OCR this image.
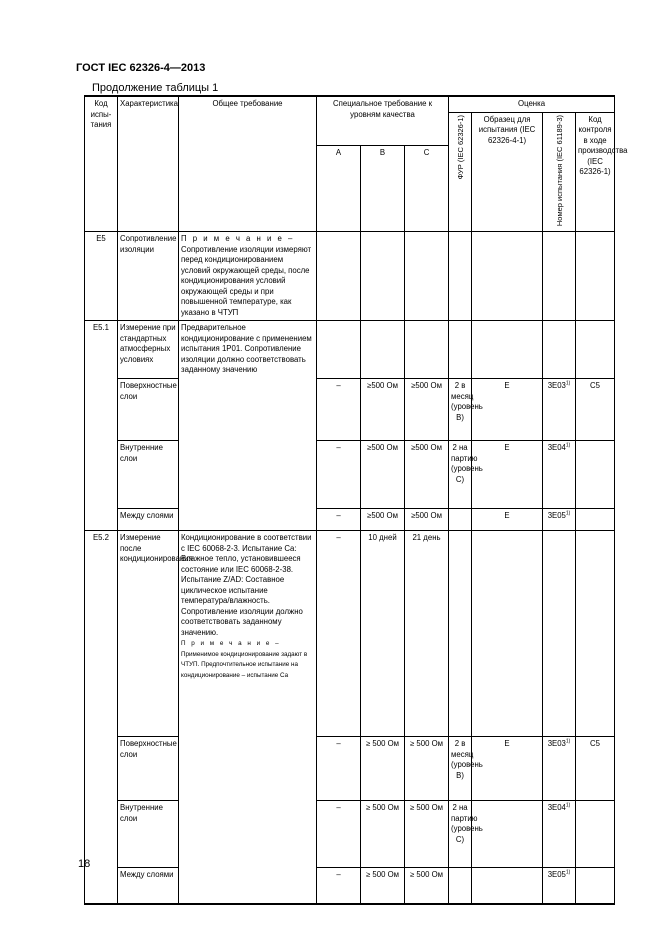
ГОСТ IEC 62326-4—2013
Продолжение таблицы 1
Код испы-тания	Характеристика	Общее требование	Специальное требование к уровням качества			Оценка			
						ФУР (IEC 62326-1)	Образец для испытания (IEC 62326-4-1)	Номер испытания (IEC 61189-3)	Код контроля в ходе производства (IEC 62326-1)
			A	B	C				
E5	Сопротивление изоляции	П р и м е ч а н и е –
Сопротивление изоляции измеряют перед кондиционированием условий окружающей среды, после кондиционирования условий окружающей среды и при повышенной температуре, как указано в ЧТУП							
E5.1	Измерение при стандартных атмосферных условиях	Предварительное кондиционирование с применением испытания 1P01. Сопротивление изоляции должно соответствовать заданному значению							
	Поверхностные слои		–	≥500 Ом	≥500 Ом	2 в месяц (уровень B)	E	3E03$^{1)}$	C5
	Внутренние слои		–	≥500 Ом	≥500 Ом	2 на партию (уровень C)	E	3E04$^{1)}$	
	Между слоями		–	≥500 Ом	≥500 Ом		E	3E05$^{1)}$	
E5.2	Измерение после кондиционирования	Кондиционирование в соответствии с IEC 60068-2-3. Испытание Ca: Влажное тепло, установившееся состояние или IEC 60068-2-38. Испытание Z/AD: Составное циклическое испытание температура/влажность. Сопротивление изоляции должно соответствовать заданному значению.
П р и м е ч а н и е – Применимое кондиционирование задают в ЧТУП. Предпочтительное испытание на кондиционирование – испытание Ca	–	10 дней	21 день				
	Поверхностные слои		–	≥ 500 Ом	≥ 500 Ом	2 в месяц (уровень B)	E	3E03$^{1)}$	C5
	Внутренние слои		–	≥ 500 Ом	≥ 500 Ом	2 на партию (уровень C)		3E04$^{1)}$	
	Между слоями		–	≥ 500 Ом	≥ 500 Ом			3E05$^{1)}$	
18
